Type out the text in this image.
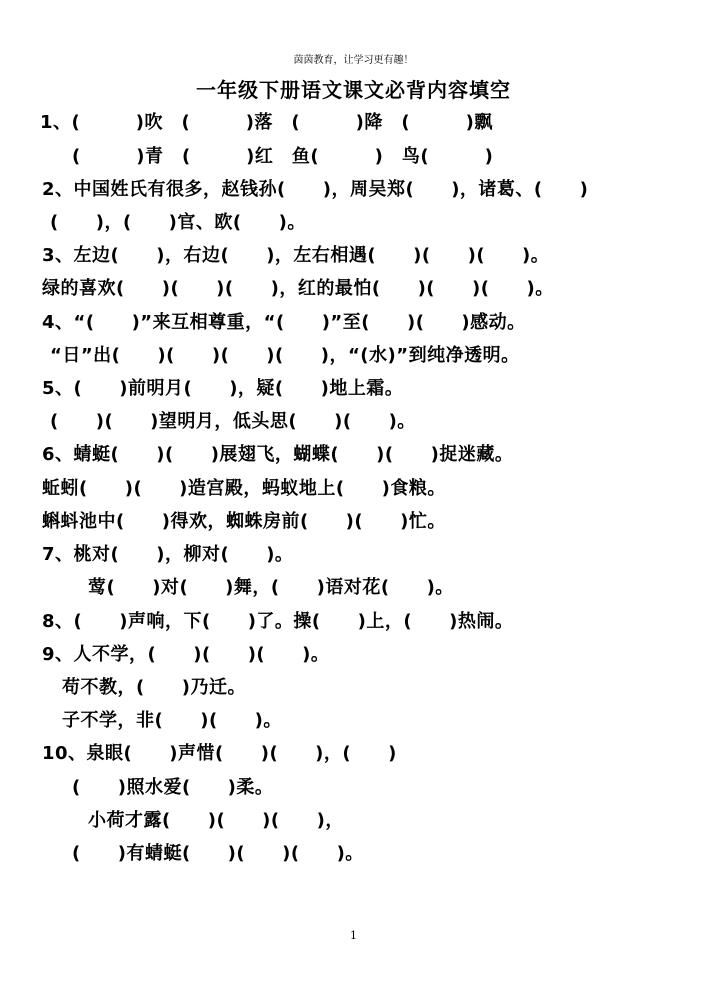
茵茵教育，让学习更有趣！
一年级下册语文课文必背内容填空
1、(　　　)吹　(　　　)落　(　　　)降　(　　　)飘
(　　　)青　(　　　)红　鱼(　　　)　鸟(　　　)
2、中国姓氏有很多，赵钱孙(　　)，周吴郑(　　)，诸葛、(　　)
(　　)，(　　)官、欧(　　)。
3、左边(　　)，右边(　　)，左右相遇(　　)(　　)(　　)。
绿的喜欢(　　)(　　)(　　)，红的最怕(　　)(　　)(　　)。
4、“(　　)”来互相尊重，“(　　)”至(　　)(　　)感动。
“日”出(　　)(　　)(　　)(　　)，“(水)”到纯净透明。
5、(　　)前明月(　　)，疑(　　)地上霜。
(　　)(　　)望明月，低头思(　　)(　　)。
6、蜻蜓(　　)(　　)展翅飞，蝴蝶(　　)(　　)捉迷藏。
蚯蚓(　　)(　　)造宫殿，蚂蚁地上(　　)食粮。
蝌蚪池中(　　)得欢，蜘蛛房前(　　)(　　)忙。
7、桃对(　　)，柳对(　　)。
莺(　　)对(　　)舞，(　　)语对花(　　)。
8、(　　)声响，下(　　)了。操(　　)上，(　　)热闹。
9、人不学，(　　)(　　)(　　)。
苟不教，(　　)乃迁。
子不学，非(　　)(　　)。
10、泉眼(　　)声惜(　　)(　　)，(　　)
(　　)照水爱(　　)柔。
小荷才露(　　)(　　)(　　)，
(　　)有蜻蜓(　　)(　　)(　　)。
1
